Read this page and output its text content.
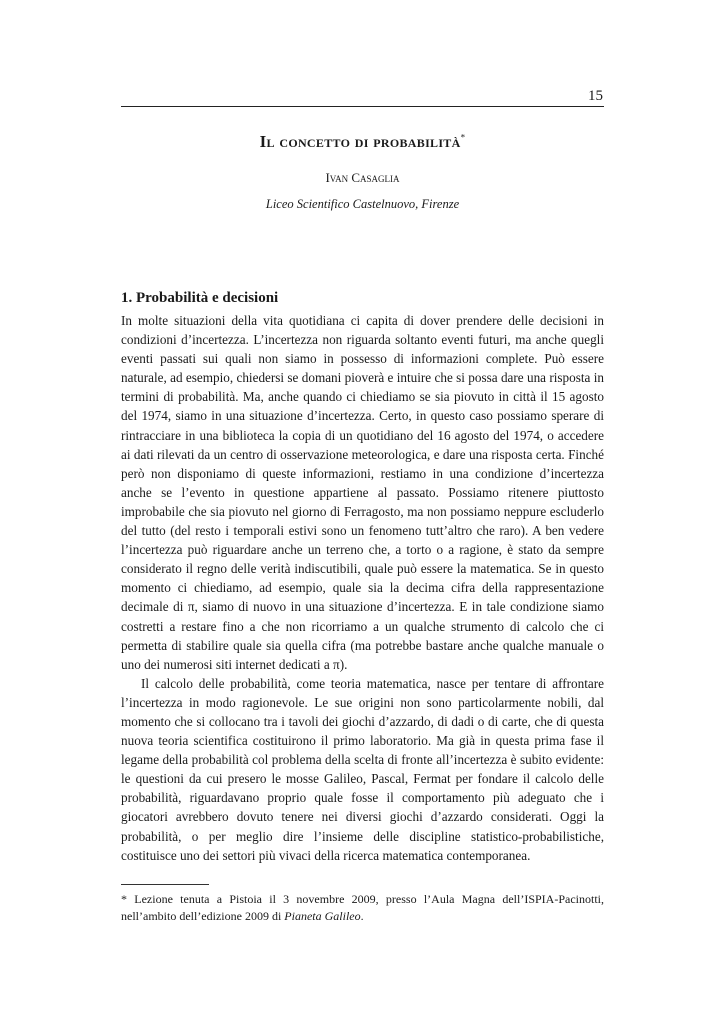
15
Il concetto di probabilità*
Ivan Casaglia
Liceo Scientifico Castelnuovo, Firenze
1. Probabilità e decisioni

In molte situazioni della vita quotidiana ci capita di dover prendere delle decisioni in condizioni d’incertezza. L’incertezza non riguarda soltanto eventi futuri, ma anche quegli eventi passati sui quali non siamo in possesso di informazioni complete. Può essere naturale, ad esempio, chiedersi se domani pioverà e intuire che si possa dare una risposta in termini di probabilità. Ma, anche quando ci chiediamo se sia piovuto in città il 15 agosto del 1974, siamo in una situazione d’incertezza. Certo, in questo caso possiamo sperare di rintracciare in una biblioteca la copia di un quotidiano del 16 agosto del 1974, o accedere ai dati rilevati da un centro di osservazione meteorologica, e dare una risposta certa. Finché però non disponiamo di queste informazioni, restiamo in una condizione d’incertezza anche se l’evento in questione appartiene al passato. Possiamo ritenere piuttosto improbabile che sia piovuto nel giorno di Ferragosto, ma non possiamo neppure escluderlo del tutto (del resto i temporali estivi sono un fenomeno tutt’altro che raro). A ben vedere l’incertezza può riguardare anche un terreno che, a torto o a ragione, è stato da sempre considerato il regno delle verità indiscutibili, quale può essere la matematica. Se in questo momento ci chiediamo, ad esempio, quale sia la decima cifra della rappresentazione decimale di π, siamo di nuovo in una situazione d’incertezza. E in tale condizione siamo costretti a restare fino a che non ricorriamo a un qualche strumento di calcolo che ci permetta di stabilire quale sia quella cifra (ma potrebbe bastare anche qualche manuale o uno dei numerosi siti internet dedicati a π).

Il calcolo delle probabilità, come teoria matematica, nasce per tentare di affrontare l’incertezza in modo ragionevole. Le sue origini non sono particolarmente nobili, dal momento che si collocano tra i tavoli dei giochi d’azzardo, di dadi o di carte, che di questa nuova teoria scientifica costituirono il primo laboratorio. Ma già in questa prima fase il legame della probabilità col problema della scelta di fronte all’incertezza è subito evidente: le questioni da cui presero le mosse Galileo, Pascal, Fermat per fondare il calcolo delle probabilità, riguardavano proprio quale fosse il comportamento più adeguato che i giocatori avrebbero dovuto tenere nei diversi giochi d’azzardo considerati. Oggi la probabilità, o per meglio dire l’insieme delle discipline statistico-probabilistiche, costituisce uno dei settori più vivaci della ricerca matematica contemporanea.

* Lezione tenuta a Pistoia il 3 novembre 2009, presso l’Aula Magna dell’ISPIA-Pacinotti, nell’ambito dell’edizione 2009 di Pianeta Galileo.
